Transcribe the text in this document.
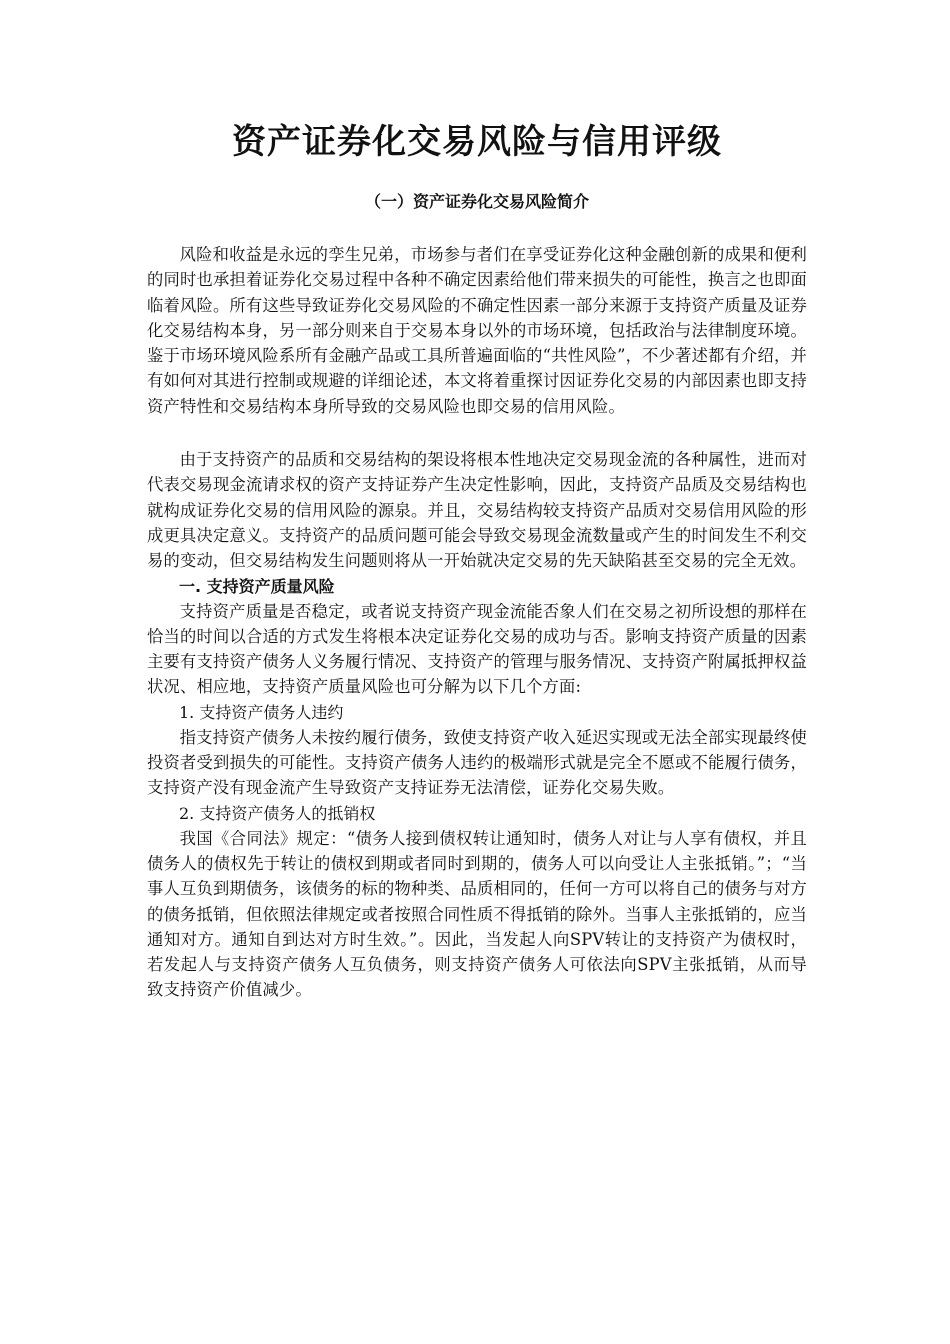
资产证券化交易风险与信用评级
（一）资产证券化交易风险简介

风险和收益是永远的孪生兄弟，市场参与者们在享受证券化这种金融创新的成果和便利的同时也承担着证券化交易过程中各种不确定因素给他们带来损失的可能性，换言之也即面临着风险。所有这些导致证券化交易风险的不确定性因素一部分来源于支持资产质量及证券化交易结构本身，另一部分则来自于交易本身以外的市场环境，包括政治与法律制度环境。鉴于市场环境风险系所有金融产品或工具所普遍面临的“共性风险”，不少著述都有介绍，并有如何对其进行控制或规避的详细论述，本文将着重探讨因证券化交易的内部因素也即支持资产特性和交易结构本身所导致的交易风险也即交易的信用风险。

由于支持资产的品质和交易结构的架设将根本性地决定交易现金流的各种属性，进而对代表交易现金流请求权的资产支持证券产生决定性影响，因此，支持资产品质及交易结构也就构成证券化交易的信用风险的源泉。并且，交易结构较支持资产品质对交易信用风险的形成更具决定意义。支持资产的品质问题可能会导致交易现金流数量或产生的时间发生不利交易的变动，但交易结构发生问题则将从一开始就决定交易的先天缺陷甚至交易的完全无效。

一. 支持资产质量风险

支持资产质量是否稳定，或者说支持资产现金流能否象人们在交易之初所设想的那样在恰当的时间以合适的方式发生将根本决定证券化交易的成功与否。影响支持资产质量的因素主要有支持资产债务人义务履行情况、支持资产的管理与服务情况、支持资产附属抵押权益状况、相应地，支持资产质量风险也可分解为以下几个方面:

1. 支持资产债务人违约

指支持资产债务人未按约履行债务，致使支持资产收入延迟实现或无法全部实现最终使投资者受到损失的可能性。支持资产债务人违约的极端形式就是完全不愿或不能履行债务，支持资产没有现金流产生导致资产支持证券无法清偿，证券化交易失败。

2. 支持资产债务人的抵销权

我国《合同法》规定：“债务人接到债权转让通知时，债务人对让与人享有债权，并且债务人的债权先于转让的债权到期或者同时到期的，债务人可以向受让人主张抵销。”；“当事人互负到期债务，该债务的标的物种类、品质相同的，任何一方可以将自己的债务与对方的债务抵销，但依照法律规定或者按照合同性质不得抵销的除外。当事人主张抵销的，应当通知对方。通知自到达对方时生效。”。因此，当发起人向SPV转让的支持资产为债权时，若发起人与支持资产债务人互负债务，则支持资产债务人可依法向SPV主张抵销，从而导致支持资产价值减少。
